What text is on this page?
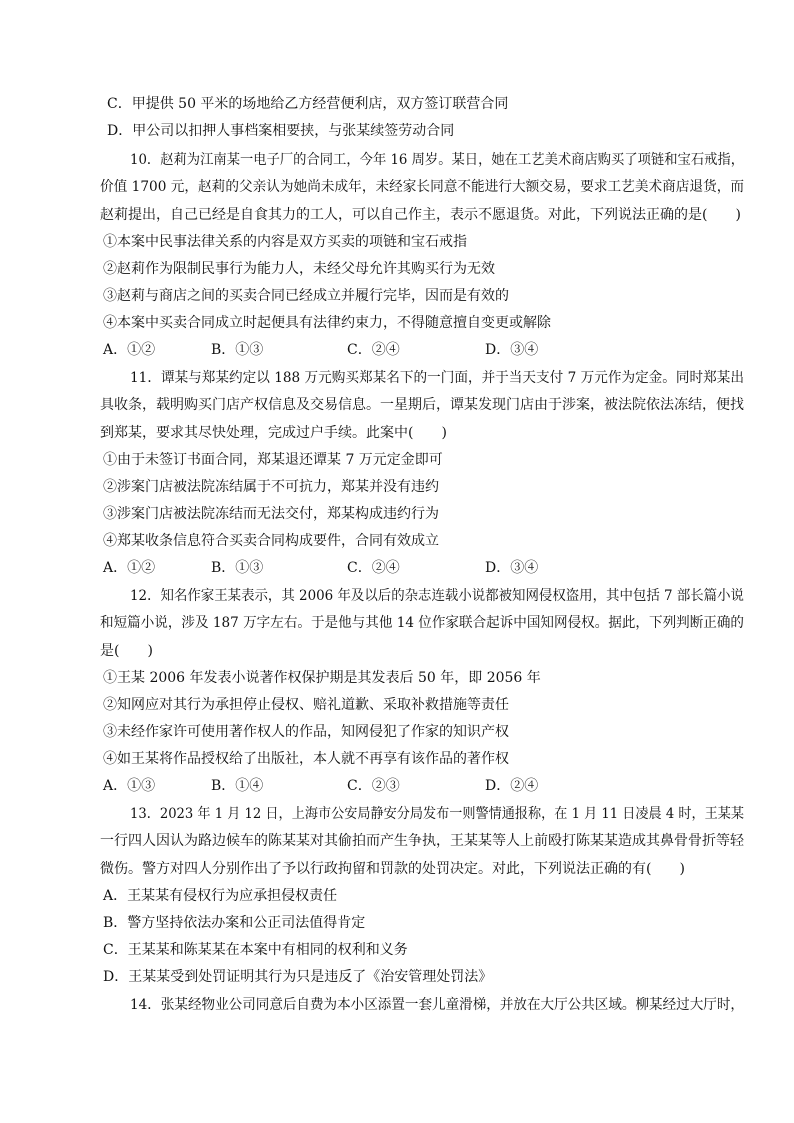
C．甲提供 50 平米的场地给乙方经营便利店，双方签订联营合同
D．甲公司以扣押人事档案相要挟，与张某续签劳动合同
10．赵莉为江南某一电子厂的合同工，今年 16 周岁。某日，她在工艺美术商店购买了项链和宝石戒指，
价值 1700 元，赵莉的父亲认为她尚未成年，未经家长同意不能进行大额交易，要求工艺美术商店退货，而
赵莉提出，自己已经是自食其力的工人，可以自己作主，表示不愿退货。对此，下列说法正确的是(　　)
①本案中民事法律关系的内容是双方买卖的项链和宝石戒指
②赵莉作为限制民事行为能力人，未经父母允许其购买行为无效
③赵莉与商店之间的买卖合同已经成立并履行完毕，因而是有效的
④本案中买卖合同成立时起便具有法律约束力，不得随意擅自变更或解除
A．①②	B．①③	C．②④	D．③④
11．谭某与郑某约定以 188 万元购买郑某名下的一门面，并于当天支付 7 万元作为定金。同时郑某出
具收条，载明购买门店产权信息及交易信息。一星期后，谭某发现门店由于涉案，被法院依法冻结，便找
到郑某，要求其尽快处理，完成过户手续。此案中(　　)
①由于未签订书面合同，郑某退还谭某 7 万元定金即可
②涉案门店被法院冻结属于不可抗力，郑某并没有违约
③涉案门店被法院冻结而无法交付，郑某构成违约行为
④郑某收条信息符合买卖合同构成要件，合同有效成立
A．①②	B．①③	C．②④	D．③④
12．知名作家王某表示，其 2006 年及以后的杂志连载小说都被知网侵权盗用，其中包括 7 部长篇小说
和短篇小说，涉及 187 万字左右。于是他与其他 14 位作家联合起诉中国知网侵权。据此，下列判断正确的
是(　　)
①王某 2006 年发表小说著作权保护期是其发表后 50 年，即 2056 年
②知网应对其行为承担停止侵权、赔礼道歉、采取补救措施等责任
③未经作家许可使用著作权人的作品，知网侵犯了作家的知识产权
④如王某将作品授权给了出版社，本人就不再享有该作品的著作权
A．①③	B．①④	C．②③	D．②④
13．2023 年 1 月 12 日，上海市公安局静安分局发布一则警情通报称，在 1 月 11 日凌晨 4 时，王某某
一行四人因认为路边候车的陈某某对其偷拍而产生争执，王某某等人上前殴打陈某某造成其鼻骨骨折等轻
微伤。警方对四人分别作出了予以行政拘留和罚款的处罚决定。对此，下列说法正确的有(　　)
A．王某某有侵权行为应承担侵权责任
B．警方坚持依法办案和公正司法值得肯定
C．王某某和陈某某在本案中有相同的权利和义务
D．王某某受到处罚证明其行为只是违反了《治安管理处罚法》
14．张某经物业公司同意后自费为本小区添置一套儿童滑梯，并放在大厅公共区域。柳某经过大厅时，
